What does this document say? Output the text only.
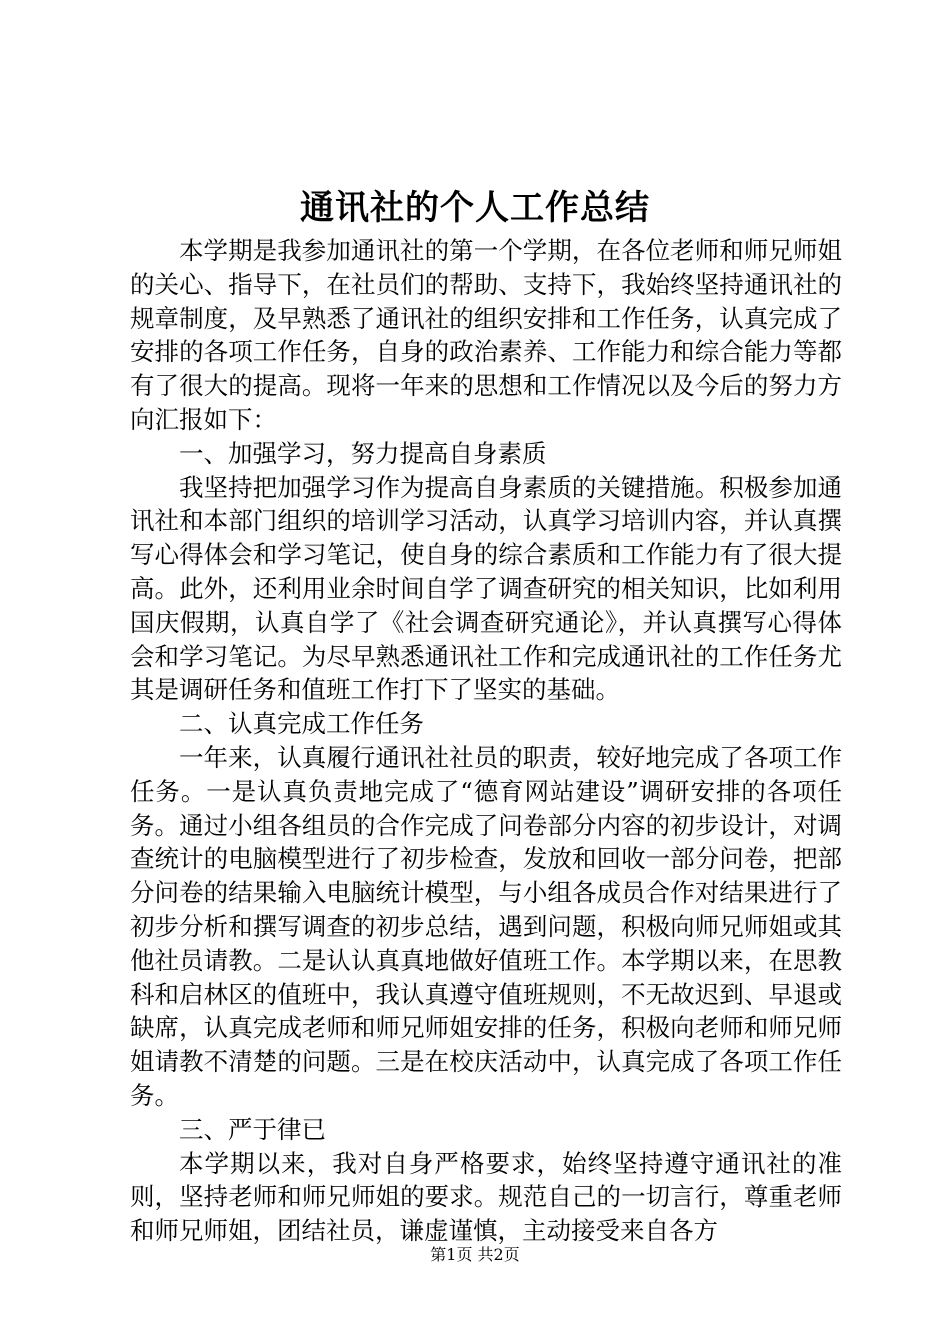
通讯社的个人工作总结

本学期是我参加通讯社的第一个学期，在各位老师和师兄师姐的关心、指导下，在社员们的帮助、支持下，我始终坚持通讯社的规章制度，及早熟悉了通讯社的组织安排和工作任务，认真完成了安排的各项工作任务，自身的政治素养、工作能力和综合能力等都有了很大的提高。现将一年来的思想和工作情况以及今后的努力方向汇报如下：

一、加强学习，努力提高自身素质

我坚持把加强学习作为提高自身素质的关键措施。积极参加通讯社和本部门组织的培训学习活动，认真学习培训内容，并认真撰写心得体会和学习笔记，使自身的综合素质和工作能力有了很大提高。此外，还利用业余时间自学了调查研究的相关知识，比如利用国庆假期，认真自学了《社会调查研究通论》，并认真撰写心得体会和学习笔记。为尽早熟悉通讯社工作和完成通讯社的工作任务尤其是调研任务和值班工作打下了坚实的基础。

二、认真完成工作任务

一年来，认真履行通讯社社员的职责，较好地完成了各项工作任务。一是认真负责地完成了“德育网站建设”调研安排的各项任务。通过小组各组员的合作完成了问卷部分内容的初步设计，对调查统计的电脑模型进行了初步检查，发放和回收一部分问卷，把部分问卷的结果输入电脑统计模型，与小组各成员合作对结果进行了初步分析和撰写调查的初步总结，遇到问题，积极向师兄师姐或其他社员请教。二是认认真真地做好值班工作。本学期以来，在思教科和启林区的值班中，我认真遵守值班规则，不无故迟到、早退或缺席，认真完成老师和师兄师姐安排的任务，积极向老师和师兄师姐请教不清楚的问题。三是在校庆活动中，认真完成了各项工作任务。

三、严于律已

本学期以来，我对自身严格要求，始终坚持遵守通讯社的准则，坚持老师和师兄师姐的要求。规范自己的一切言行，尊重老师和师兄师姐，团结社员，谦虚谨慎，主动接受来自各方

第1页 共2页
